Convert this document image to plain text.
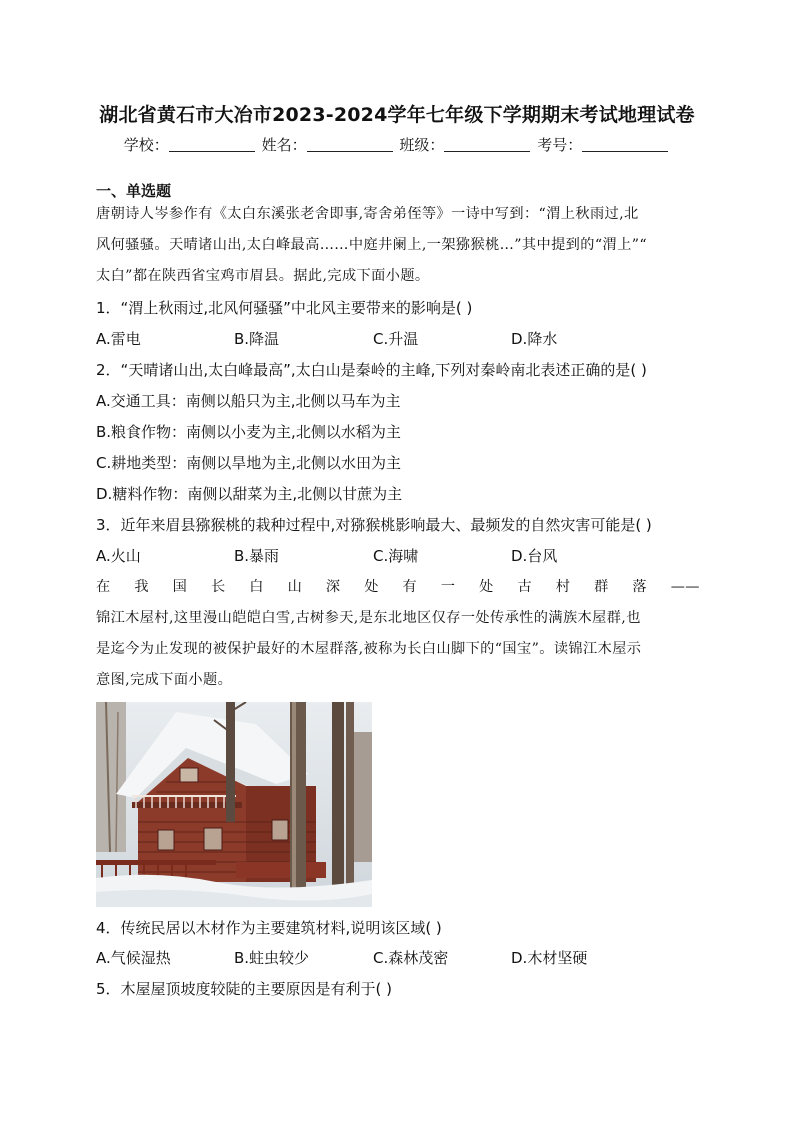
湖北省黄石市大冶市2023-2024学年七年级下学期期末考试地理试卷
学校：	姓名：	班级：	考号：
一、单选题
唐朝诗人岑参作有《太白东溪张老舍即事,寄舍弟侄等》一诗中写到：“渭上秋雨过,北
风何骚骚。天晴诸山出,太白峰最高……中庭井阑上,一架猕猴桃…”其中提到的“渭上”“
太白”都在陕西省宝鸡市眉县。据此,完成下面小题。
1．“渭上秋雨过,北风何骚骚”中北风主要带来的影响是( )
A.雷电	B.降温	C.升温	D.降水
2．“天晴诸山出,太白峰最高”,太白山是秦岭的主峰,下列对秦岭南北表述正确的是( )
A.交通工具：南侧以船只为主,北侧以马车为主
B.粮食作物：南侧以小麦为主,北侧以水稻为主
C.耕地类型：南侧以旱地为主,北侧以水田为主
D.糖料作物：南侧以甜菜为主,北侧以甘蔗为主
3．近年来眉县猕猴桃的栽种过程中,对猕猴桃影响最大、最频发的自然灾害可能是( )
A.火山	B.暴雨	C.海啸	D.台风
在 我 国 长 白 山 深 处 有 一 处 古 村 群 落 ——
锦江木屋村,这里漫山皑皑白雪,古树参天,是东北地区仅存一处传承性的满族木屋群,也
是迄今为止发现的被保护最好的木屋群落,被称为长白山脚下的“国宝”。读锦江木屋示
意图,完成下面小题。
4．传统民居以木材作为主要建筑材料,说明该区域( )
A.气候湿热	B.蛀虫较少	C.森林茂密	D.木材坚硬
5．木屋屋顶坡度较陡的主要原因是有利于( )
